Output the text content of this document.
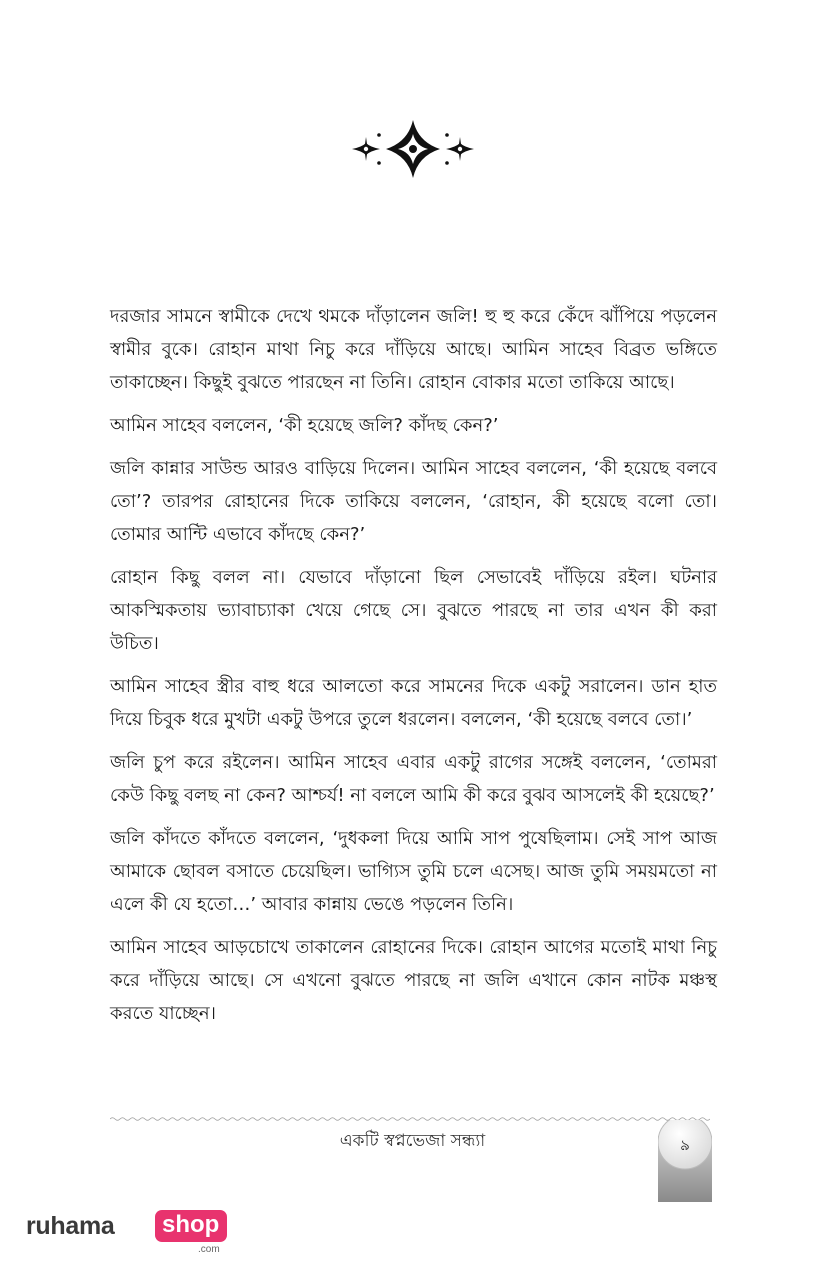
দরজার সামনে স্বামীকে দেখে থমকে দাঁড়ালেন জলি! হু হু করে কেঁদে ঝাঁপিয়ে পড়লেন স্বামীর বুকে। রোহান মাথা নিচু করে দাঁড়িয়ে আছে। আমিন সাহেব বিব্রত ভঙ্গিতে তাকাচ্ছেন। কিছুই বুঝতে পারছেন না তিনি। রোহান বোকার মতো তাকিয়ে আছে।

আমিন সাহেব বললেন, ‘কী হয়েছে জলি? কাঁদছ কেন?’

জলি কান্নার সাউন্ড আরও বাড়িয়ে দিলেন। আমিন সাহেব বললেন, ‘কী হয়েছে বলবে তো’? তারপর রোহানের দিকে তাকিয়ে বললেন, ‘রোহান, কী হয়েছে বলো তো। তোমার আন্টি এভাবে কাঁদছে কেন?’

রোহান কিছু বলল না। যেভাবে দাঁড়ানো ছিল সেভাবেই দাঁড়িয়ে রইল। ঘটনার আকস্মিকতায় ভ্যাবাচ্যাকা খেয়ে গেছে সে। বুঝতে পারছে না তার এখন কী করা উচিত।

আমিন সাহেব স্ত্রীর বাহু ধরে আলতো করে সামনের দিকে একটু সরালেন। ডান হাত দিয়ে চিবুক ধরে মুখটা একটু উপরে তুলে ধরলেন। বললেন, ‘কী হয়েছে বলবে তো।’

জলি চুপ করে রইলেন। আমিন সাহেব এবার একটু রাগের সঙ্গেই বললেন, ‘তোমরা কেউ কিছু বলছ না কেন? আশ্চর্য! না বললে আমি কী করে বুঝব আসলেই কী হয়েছে?’

জলি কাঁদতে কাঁদতে বললেন, ‘দুধকলা দিয়ে আমি সাপ পুষেছিলাম। সেই সাপ আজ আমাকে ছোবল বসাতে চেয়েছিল। ভাগ্যিস তুমি চলে এসেছ। আজ তুমি সময়মতো না এলে কী যে হতো…’ আবার কান্নায় ভেঙে পড়লেন তিনি।

আমিন সাহেব আড়চোখে তাকালেন রোহানের দিকে। রোহান আগের মতোই মাথা নিচু করে দাঁড়িয়ে আছে। সে এখনো বুঝতে পারছে না জলি এখানে কোন নাটক মঞ্চস্থ করতে যাচ্ছেন।

একটি স্বপ্নভেজা সন্ধ্যা	৯
ruhama shop
.com
